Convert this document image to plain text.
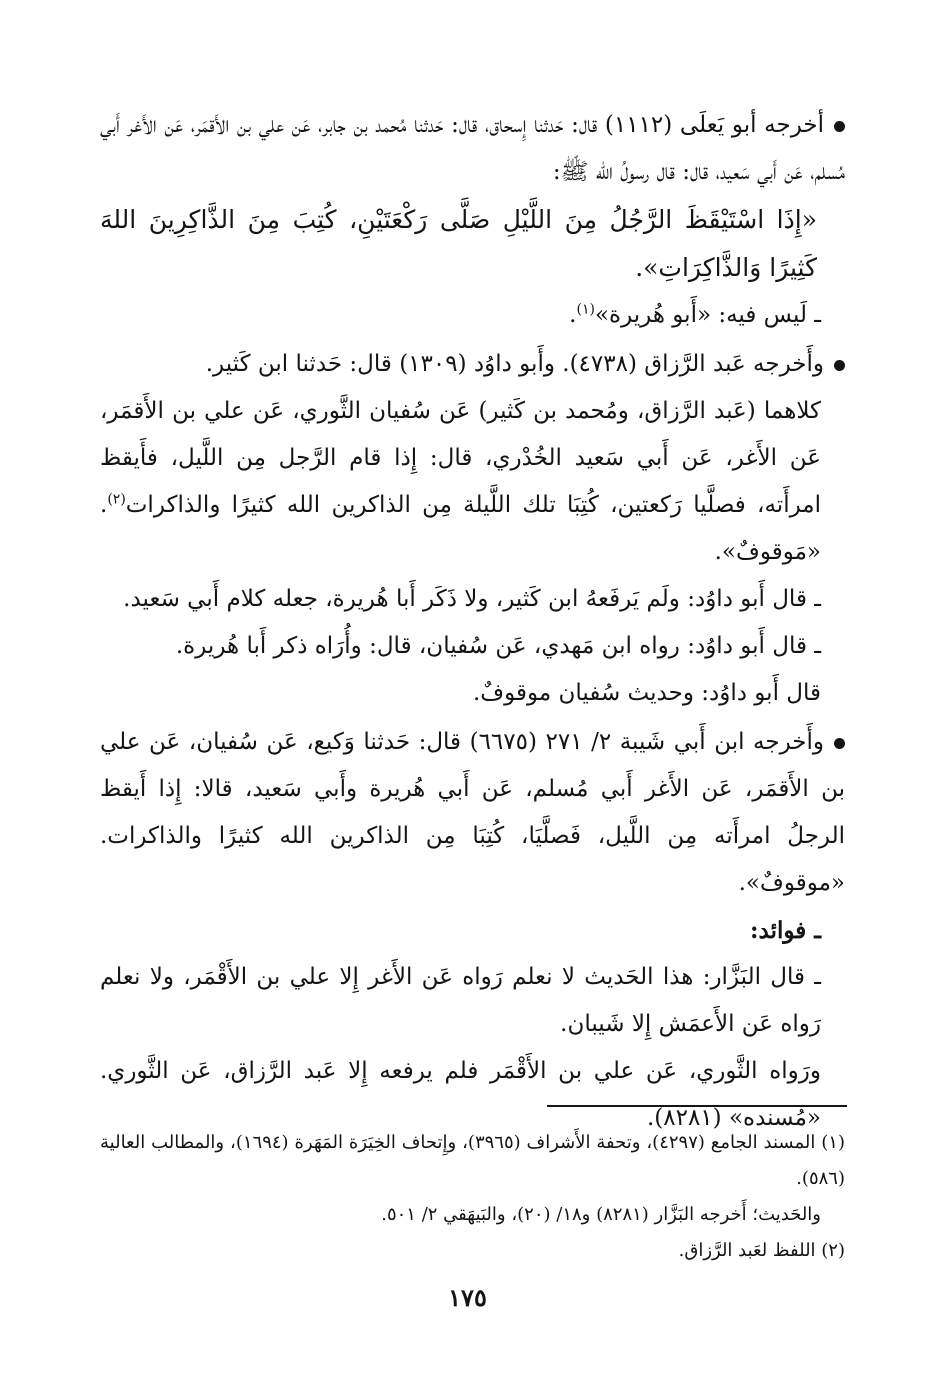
أخرجه أبو يَعلَى (١١١٢) قال: حَدثنا إِسحاق، قال: حَدثنا مُحمد بن جابر، عَن علي بن الأَقمَر، عَن الأَغر أَبي مُسلم، عَن أَبي سَعيد، قال: قال رسولُ الله ﷺ:

«إِذَا اسْتَيْقَظَ الرَّجُلُ مِنَ اللَّيْلِ صَلَّى رَكْعَتَيْنِ، كُتِبَ مِنَ الذَّاكِرِينَ اللهَ كَثِيرًا وَالذَّاكِرَاتِ».

ـ لَيس فيه: «أَبو هُريرة»$^{(١)}$.

وأَخرجه عَبد الرَّزاق (٤٧٣٨). وأَبو داوُد (١٣٠٩) قال: حَدثنا ابن كَثير.

كلاهما (عَبد الرَّزاق، ومُحمد بن كَثير) عَن سُفيان الثَّوري، عَن علي بن الأَقمَر، عَن الأَغر، عَن أَبي سَعيد الخُدْري، قال: إِذا قام الرَّجل مِن اللَّيل، فأَيقظ امرأَته، فصلَّيا رَكعتين، كُتِبَا تلك اللَّيلة مِن الذاكرين الله كثيرًا والذاكرات$^{(٢)}$. «مَوقوفٌ».

ـ قال أَبو داوُد: ولَم يَرفَعهُ ابن كَثير، ولا ذَكَر أَبا هُريرة، جعله كلام أَبي سَعيد.

ـ قال أَبو داوُد: رواه ابن مَهدي، عَن سُفيان، قال: وأُرَاه ذكر أَبا هُريرة.

قال أَبو داوُد: وحديث سُفيان موقوفٌ.

وأَخرجه ابن أَبي شَيبة ٢/ ٢٧١ (٦٦٧٥) قال: حَدثنا وَكيع، عَن سُفيان، عَن علي بن الأَقمَر، عَن الأَغر أَبي مُسلم، عَن أَبي هُريرة وأَبي سَعيد، قالا: إِذا أَيقظ الرجلُ امرأَته مِن اللَّيل، فَصلَّيَا، كُتِبَا مِن الذاكرين الله كثيرًا والذاكرات. «موقوفٌ».

ـ فوائد:

ـ قال البَزَّار: هذا الحَديث لا نعلم رَواه عَن الأَغر إِلا علي بن الأَقْمَر، ولا نعلم رَواه عَن الأَعمَش إِلا شَيبان.

ورَواه الثَّوري، عَن علي بن الأَقْمَر فلم يرفعه إِلا عَبد الرَّزاق، عَن الثَّوري. «مُسنده» (٨٢٨١).

(١) المسند الجامع (٤٢٩٧)، وتحفة الأَشراف (٣٩٦٥)، وإِتحاف الخِيَرَة المَهَرة (١٦٩٤)، والمطالب العالية (٥٨٦).

والحَديث؛ أَخرجه البَزَّار (٨٢٨١) و١٨/ (٢٠)، والبَيهَقي ٢/ ٥٠١.

(٢) اللفظ لعَبد الرَّزاق.

١٧٥
